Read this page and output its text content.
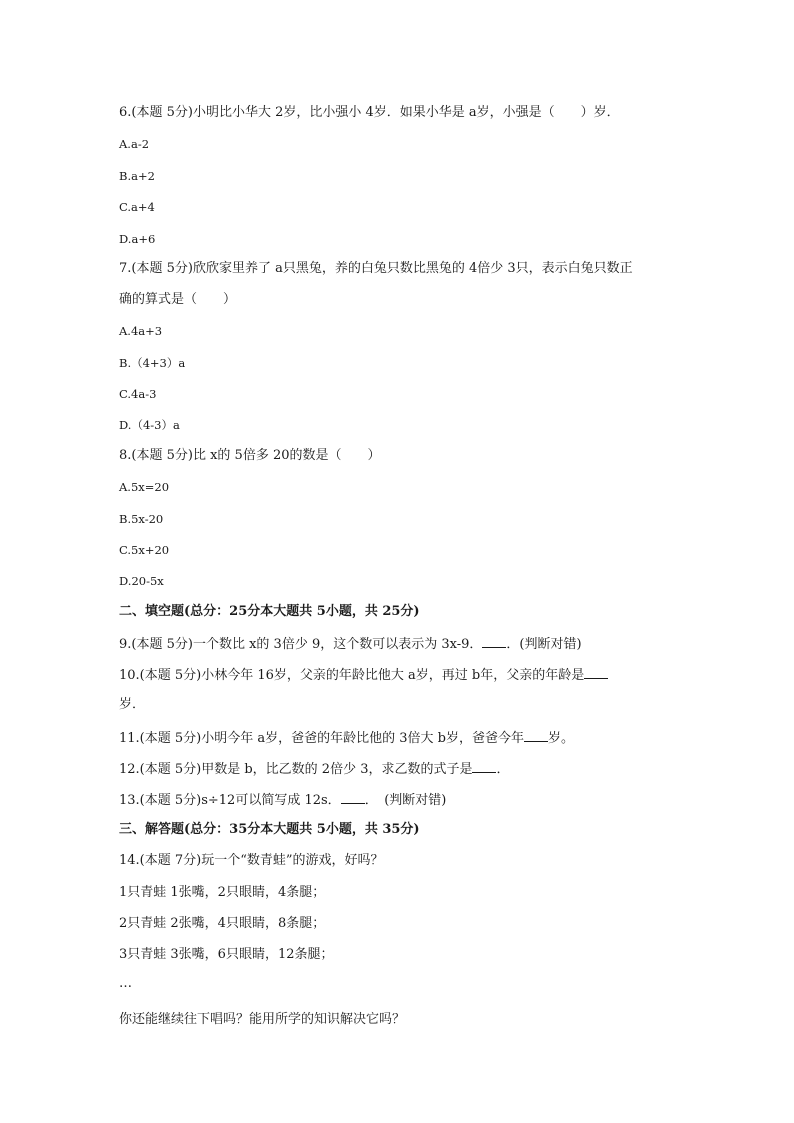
6.(本题 5分)小明比小华大 2岁，比小强小 4岁．如果小华是 a岁，小强是（　　）岁．
A.a-2
B.a+2
C.a+4
D.a+6
7.(本题 5分)欣欣家里养了 a只黑兔，养的白兔只数比黑兔的 4倍少 3只，表示白兔只数正
确的算式是（　　）
A.4a+3
B.（4+3）a
C.4a-3
D.（4-3）a
8.(本题 5分)比 x的 5倍多 20的数是（　　）
A.5x=20
B.5x-20
C.5x+20
D.20-5x
二、填空题(总分：25分本大题共 5小题，共 25分)
9.(本题 5分)一个数比 x的 3倍少 9，这个数可以表示为 3x-9． ．(判断对错)
10.(本题 5分)小林今年 16岁，父亲的年龄比他大 a岁，再过 b年，父亲的年龄是
岁．
11.(本题 5分)小明今年 a岁，爸爸的年龄比他的 3倍大 b岁，爸爸今年 岁。
12.(本题 5分)甲数是 b，比乙数的 2倍少 3，求乙数的式子是 ．
13.(本题 5分)s÷12可以简写成 12s． ．　(判断对错)
三、解答题(总分：35分本大题共 5小题，共 35分)
14.(本题 7分)玩一个“数青蛙”的游戏，好吗？
1只青蛙 1张嘴，2只眼睛，4条腿；
2只青蛙 2张嘴，4只眼睛，8条腿；
3只青蛙 3张嘴，6只眼睛，12条腿；
…
你还能继续往下唱吗？能用所学的知识解决它吗？
